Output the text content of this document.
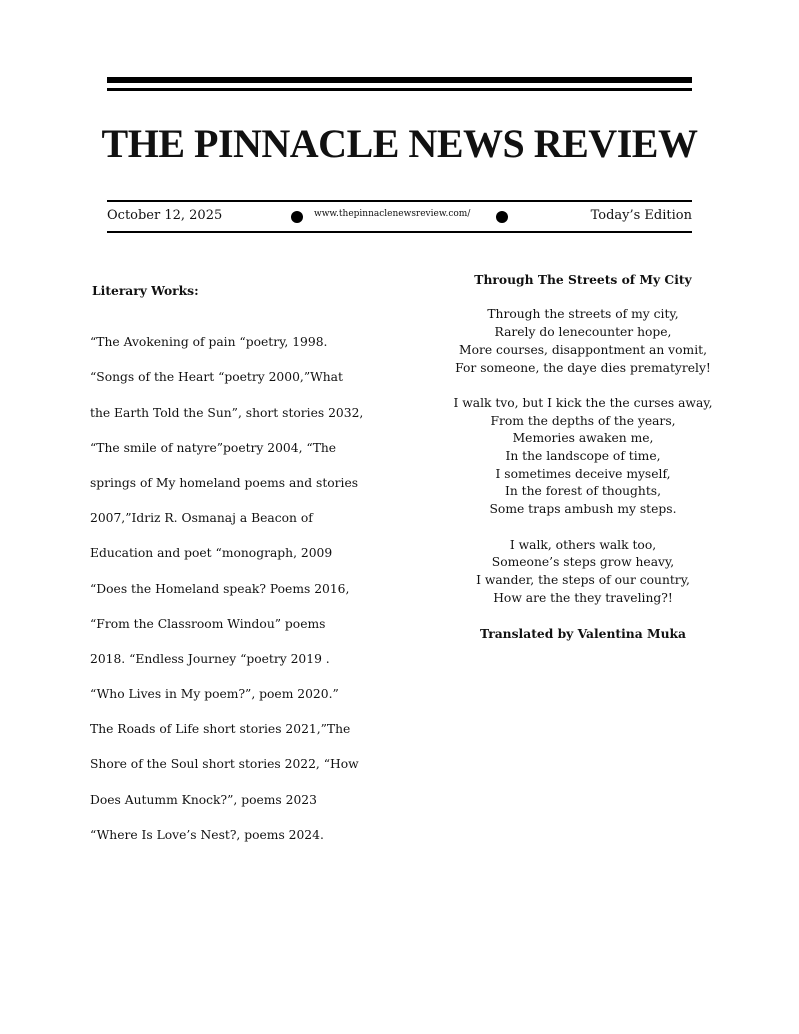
THE PINNACLE NEWS REVIEW
October 12, 2025	www.thepinnaclenewsreview.com/	Today’s Edition

Literary Works:

“The Avokening of pain “poetry, 1998.

“Songs of the Heart “poetry 2000,”What

the Earth Told the Sun”, short stories 2032,

“The smile of natyre”poetry 2004, “The

springs of My homeland poems and stories

2007,”Idriz R. Osmanaj a Beacon of

Education and poet “monograph, 2009

“Does the Homeland speak? Poems 2016,

“From the Classroom Windou” poems

2018. “Endless Journey “poetry 2019 .

“Who Lives in My poem?”, poem 2020.”

The Roads of Life short stories 2021,”The

Shore of the Soul short stories 2022, “How

Does Autumm Knock?”, poems 2023

“Where Is Love’s Nest?, poems 2024.

Through The Streets of My City

Through the streets of my city,
Rarely do lenecounter hope,
More courses, disappontment an vomit,
For someone, the daye dies prematyrely!
I walk tvo, but I kick the the curses away,
From the depths of the years,
Memories awaken me,
In the landscope of time,
I sometimes deceive myself,
In the forest of thoughts,
Some traps ambush my steps.
I walk, others walk too,
Someone’s steps grow heavy,
I wander, the steps of our country,
How are the they traveling?!

Translated by Valentina Muka
